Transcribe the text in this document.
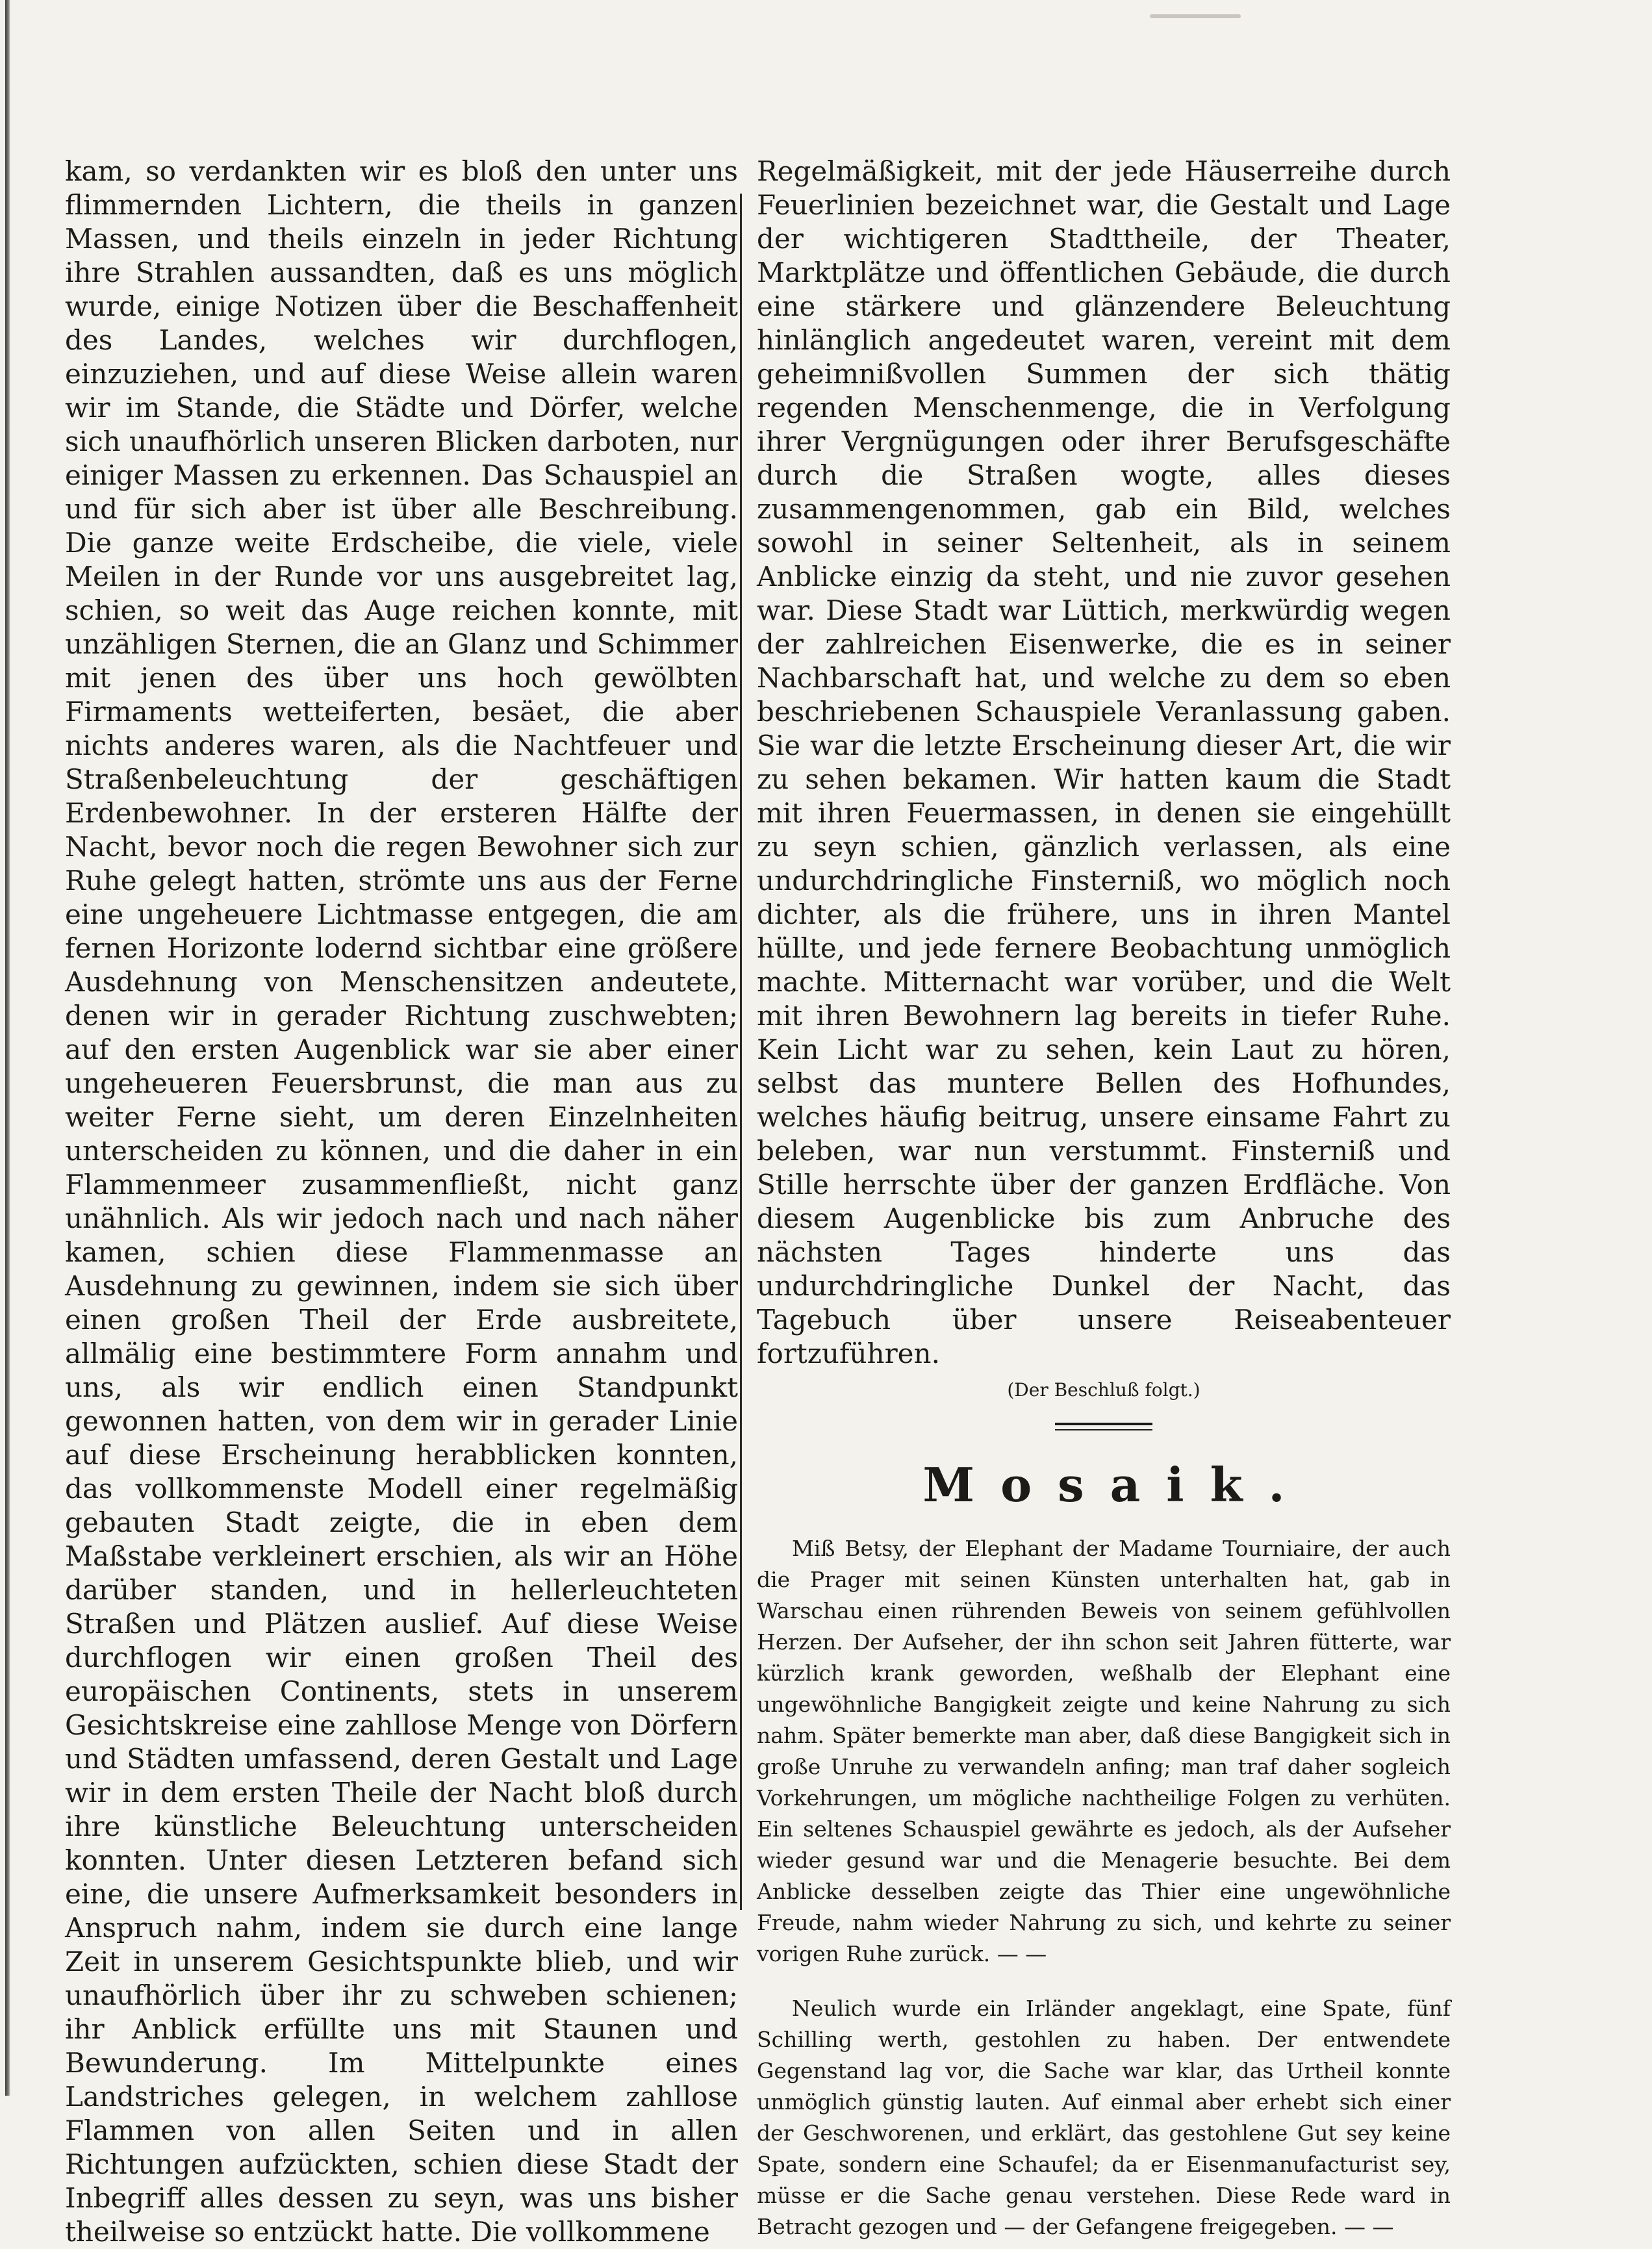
kam, so verdankten wir es bloß den unter uns flimmernden Lichtern, die theils in ganzen Massen, und theils einzeln in jeder Richtung ihre Strahlen aussandten, daß es uns möglich wurde, einige Notizen über die Beschaffenheit des Landes, welches wir durchflogen, einzuziehen, und auf diese Weise allein waren wir im Stande, die Städte und Dörfer, welche sich unaufhörlich unseren Blicken darboten, nur einiger Massen zu erkennen. Das Schauspiel an und für sich aber ist über alle Beschreibung. Die ganze weite Erdscheibe, die viele, viele Meilen in der Runde vor uns ausgebreitet lag, schien, so weit das Auge reichen konnte, mit unzähligen Sternen, die an Glanz und Schimmer mit jenen des über uns hoch gewölbten Firmaments wetteiferten, besäet, die aber nichts anderes waren, als die Nachtfeuer und Straßenbeleuchtung der geschäftigen Erdenbewohner. In der ersteren Hälfte der Nacht, bevor noch die regen Bewohner sich zur Ruhe gelegt hatten, strömte uns aus der Ferne eine ungeheuere Lichtmasse entgegen, die am fernen Horizonte lodernd sichtbar eine größere Ausdehnung von Menschensitzen andeutete, denen wir in gerader Richtung zuschwebten; auf den ersten Augenblick war sie aber einer ungeheueren Feuersbrunst, die man aus zu weiter Ferne sieht, um deren Einzelnheiten unterscheiden zu können, und die daher in ein Flammenmeer zusammenfließt, nicht ganz unähnlich. Als wir jedoch nach und nach näher kamen, schien diese Flammenmasse an Ausdehnung zu gewinnen, indem sie sich über einen großen Theil der Erde ausbreitete, allmälig eine bestimmtere Form annahm und uns, als wir endlich einen Standpunkt gewonnen hatten, von dem wir in gerader Linie auf diese Erscheinung herabblicken konnten, das vollkommenste Modell einer regelmäßig gebauten Stadt zeigte, die in eben dem Maßstabe verkleinert erschien, als wir an Höhe darüber standen, und in hellerleuchteten Straßen und Plätzen auslief. Auf diese Weise durchflogen wir einen großen Theil des europäischen Continents, stets in unserem Gesichtskreise eine zahllose Menge von Dörfern und Städten umfassend, deren Gestalt und Lage wir in dem ersten Theile der Nacht bloß durch ihre künstliche Beleuchtung unterscheiden konnten. Unter diesen Letzteren befand sich eine, die unsere Aufmerksamkeit besonders in Anspruch nahm, indem sie durch eine lange Zeit in unserem Gesichtspunkte blieb, und wir unaufhörlich über ihr zu schweben schienen; ihr Anblick erfüllte uns mit Staunen und Bewunderung. Im Mittelpunkte eines Landstriches gelegen, in welchem zahllose Flammen von allen Seiten und in allen Richtungen aufzückten, schien diese Stadt der Inbegriff alles dessen zu seyn, was uns bisher theilweise so entzückt hatte. Die vollkommene

Regelmäßigkeit, mit der jede Häuserreihe durch Feuerlinien bezeichnet war, die Gestalt und Lage der wichtigeren Stadttheile, der Theater, Marktplätze und öffentlichen Gebäude, die durch eine stärkere und glänzendere Beleuchtung hinlänglich angedeutet waren, vereint mit dem geheimnißvollen Summen der sich thätig regenden Menschenmenge, die in Verfolgung ihrer Vergnügungen oder ihrer Berufsgeschäfte durch die Straßen wogte, alles dieses zusammengenommen, gab ein Bild, welches sowohl in seiner Seltenheit, als in seinem Anblicke einzig da steht, und nie zuvor gesehen war. Diese Stadt war Lüttich, merkwürdig wegen der zahlreichen Eisenwerke, die es in seiner Nachbarschaft hat, und welche zu dem so eben beschriebenen Schauspiele Veranlassung gaben. Sie war die letzte Erscheinung dieser Art, die wir zu sehen bekamen. Wir hatten kaum die Stadt mit ihren Feuermassen, in denen sie eingehüllt zu seyn schien, gänzlich verlassen, als eine undurchdringliche Finsterniß, wo möglich noch dichter, als die frühere, uns in ihren Mantel hüllte, und jede fernere Beobachtung unmöglich machte. Mitternacht war vorüber, und die Welt mit ihren Bewohnern lag bereits in tiefer Ruhe. Kein Licht war zu sehen, kein Laut zu hören, selbst das muntere Bellen des Hofhundes, welches häufig beitrug, unsere einsame Fahrt zu beleben, war nun verstummt. Finsterniß und Stille herrschte über der ganzen Erdfläche. Von diesem Augenblicke bis zum Anbruche des nächsten Tages hinderte uns das undurchdringliche Dunkel der Nacht, das Tagebuch über unsere Reiseabenteuer fortzuführen.

(Der Beschluß folgt.)
Mosaik.

Miß Betsy, der Elephant der Madame Tourniaire, der auch die Prager mit seinen Künsten unterhalten hat, gab in Warschau einen rührenden Beweis von seinem gefühlvollen Herzen. Der Aufseher, der ihn schon seit Jahren fütterte, war kürzlich krank geworden, weßhalb der Elephant eine ungewöhnliche Bangigkeit zeigte und keine Nahrung zu sich nahm. Später bemerkte man aber, daß diese Bangigkeit sich in große Unruhe zu verwandeln anfing; man traf daher sogleich Vorkehrungen, um mögliche nachtheilige Folgen zu verhüten. Ein seltenes Schauspiel gewährte es jedoch, als der Aufseher wieder gesund war und die Menagerie besuchte. Bei dem Anblicke desselben zeigte das Thier eine ungewöhnliche Freude, nahm wieder Nahrung zu sich, und kehrte zu seiner vorigen Ruhe zurück. — —

Neulich wurde ein Irländer angeklagt, eine Spate, fünf Schilling werth, gestohlen zu haben. Der entwendete Gegenstand lag vor, die Sache war klar, das Urtheil konnte unmöglich günstig lauten. Auf einmal aber erhebt sich einer der Geschworenen, und erklärt, das gestohlene Gut sey keine Spate, sondern eine Schaufel; da er Eisenmanufacturist sey, müsse er die Sache genau verstehen. Diese Rede ward in Betracht gezogen und — der Gefangene freigegeben. — —
